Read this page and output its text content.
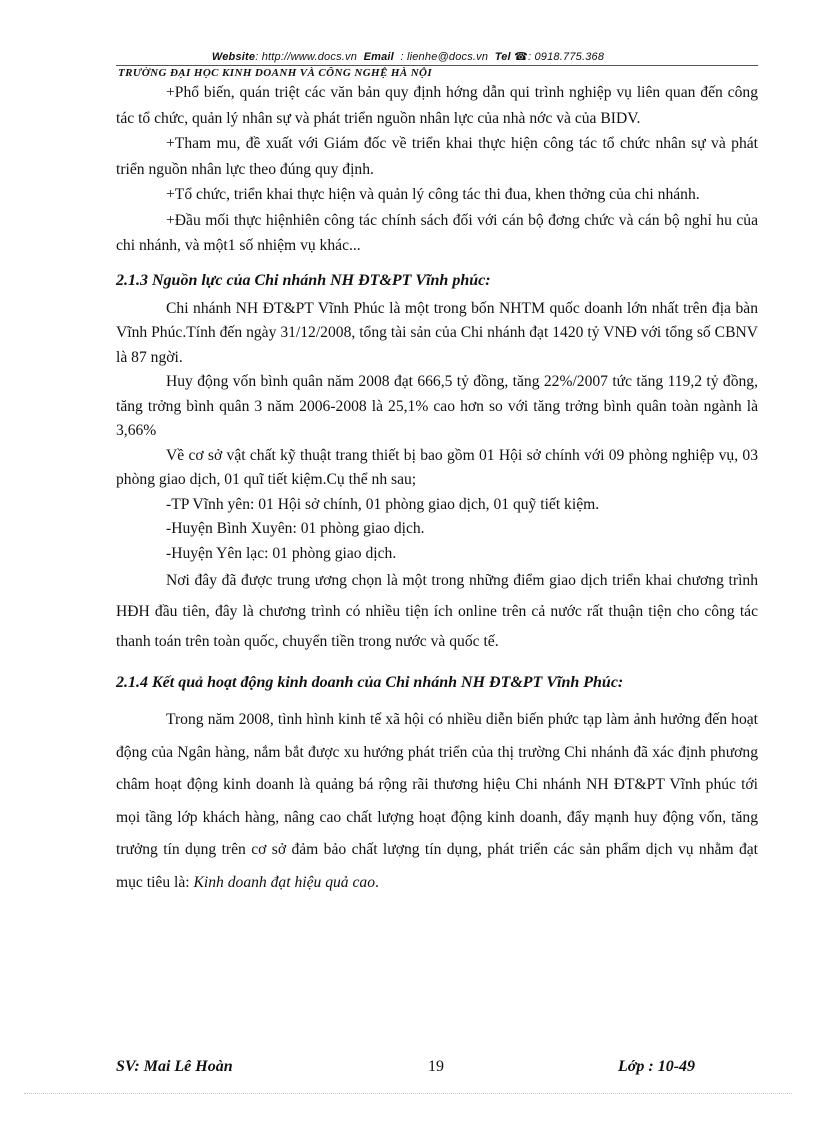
Website: http://www.docs.vn Email : lienhe@docs.vn Tel ☎: 0918.775.368
TRƯỜNG ĐẠI HỌC KINH DOANH VÀ CÔNG NGHỆ HÀ NỘI

+Phổ biến, quán triệt các văn bản quy định hớng dẫn qui trình nghiệp vụ liên quan đến công tác tổ chức, quản lý nhân sự và phát triển nguồn nhân lực của nhà nớc và của BIDV.

+Tham mu, đề xuất với Giám đốc về triển khai thực hiện công tác tổ chức nhân sự và phát triển nguồn nhân lực theo đúng quy định.

+Tổ chức, triển khai thực hiện và quản lý công tác thi đua, khen thởng của chi nhánh.

+Đầu mối thực hiệnhiên công tác chính sách đối với cán bộ đơng chức và cán bộ nghỉ hu của chi nhánh, và một1 số nhiệm vụ khác...

2.1.3 Nguồn lực của Chi nhánh NH ĐT&PT Vĩnh phúc:

Chi nhánh NH ĐT&PT Vĩnh Phúc là một trong bốn NHTM quốc doanh lớn nhất trên địa bàn Vĩnh Phúc.Tính đến ngày 31/12/2008, tổng tài sản của Chi nhánh đạt 1420 tỷ VNĐ với tổng số CBNV là 87 ngời.

Huy động vốn bình quân năm 2008 đạt 666,5 tỷ đồng, tăng 22%/2007 tức tăng 119,2 tỷ đồng, tăng trởng bình quân 3 năm 2006-2008 là 25,1% cao hơn so với tăng trởng bình quân toàn ngành là 3,66%

Về cơ sở vật chất kỹ thuật trang thiết bị bao gồm 01 Hội sở chính với 09 phòng nghiệp vụ, 03 phòng giao dịch, 01 quĩ tiết kiệm.Cụ thể nh sau;

-TP Vĩnh yên: 01 Hội sở chính, 01 phòng giao dịch, 01 quỹ tiết kiệm.

-Huyện Bình Xuyên: 01 phòng giao dịch.

-Huyện Yên lạc: 01 phòng giao dịch.

Nơi đây đã được trung ương chọn là một trong những điểm giao dịch triển khai chương trình HĐH đầu tiên, đây là chương trình có nhiều tiện ích online trên cả nước rất thuận tiện cho công tác thanh toán trên toàn quốc, chuyển tiền trong nước và quốc tế.

2.1.4 Kết quả hoạt động kinh doanh của Chi nhánh NH ĐT&PT Vĩnh Phúc:

Trong năm 2008, tình hình kinh tế xã hội có nhiều diễn biến phức tạp làm ảnh hưởng đến hoạt động của Ngân hàng, nắm bắt được xu hướng phát triển của thị trường Chi nhánh đã xác định phương châm hoạt động kinh doanh là quảng bá rộng rãi thương hiệu Chi nhánh NH ĐT&PT Vĩnh phúc tới mọi tầng lớp khách hàng, nâng cao chất lượng hoạt động kinh doanh, đẩy mạnh huy động vốn, tăng trưởng tín dụng trên cơ sở đảm bảo chất lượng tín dụng, phát triển các sản phẩm dịch vụ nhằm đạt mục tiêu là: Kinh doanh đạt hiệu quả cao.

SV: Mai Lê Hoàn	19	Lớp : 10-49
